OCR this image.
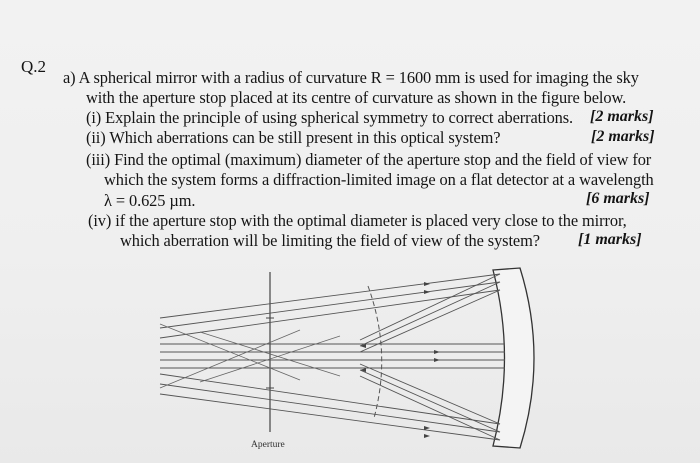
Q.2
a) A spherical mirror with a radius of curvature R = 1600 mm is used for imaging the sky
with the aperture stop placed at its centre of curvature as shown in the figure below.
(i) Explain the principle of using spherical symmetry to correct aberrations. [2 marks]
(ii) Which aberrations can be still present in this optical system?	[2 marks]
(iii) Find the optimal (maximum) diameter of the aperture stop and the field of view for
which the system forms a diffraction-limited image on a flat detector at a wavelength
λ = 0.625 µm.	[6 marks]
(iv) if the aperture stop with the optimal diameter is placed very close to the mirror,
which aberration will be limiting the field of view of the system? [1 marks]
Aperture
